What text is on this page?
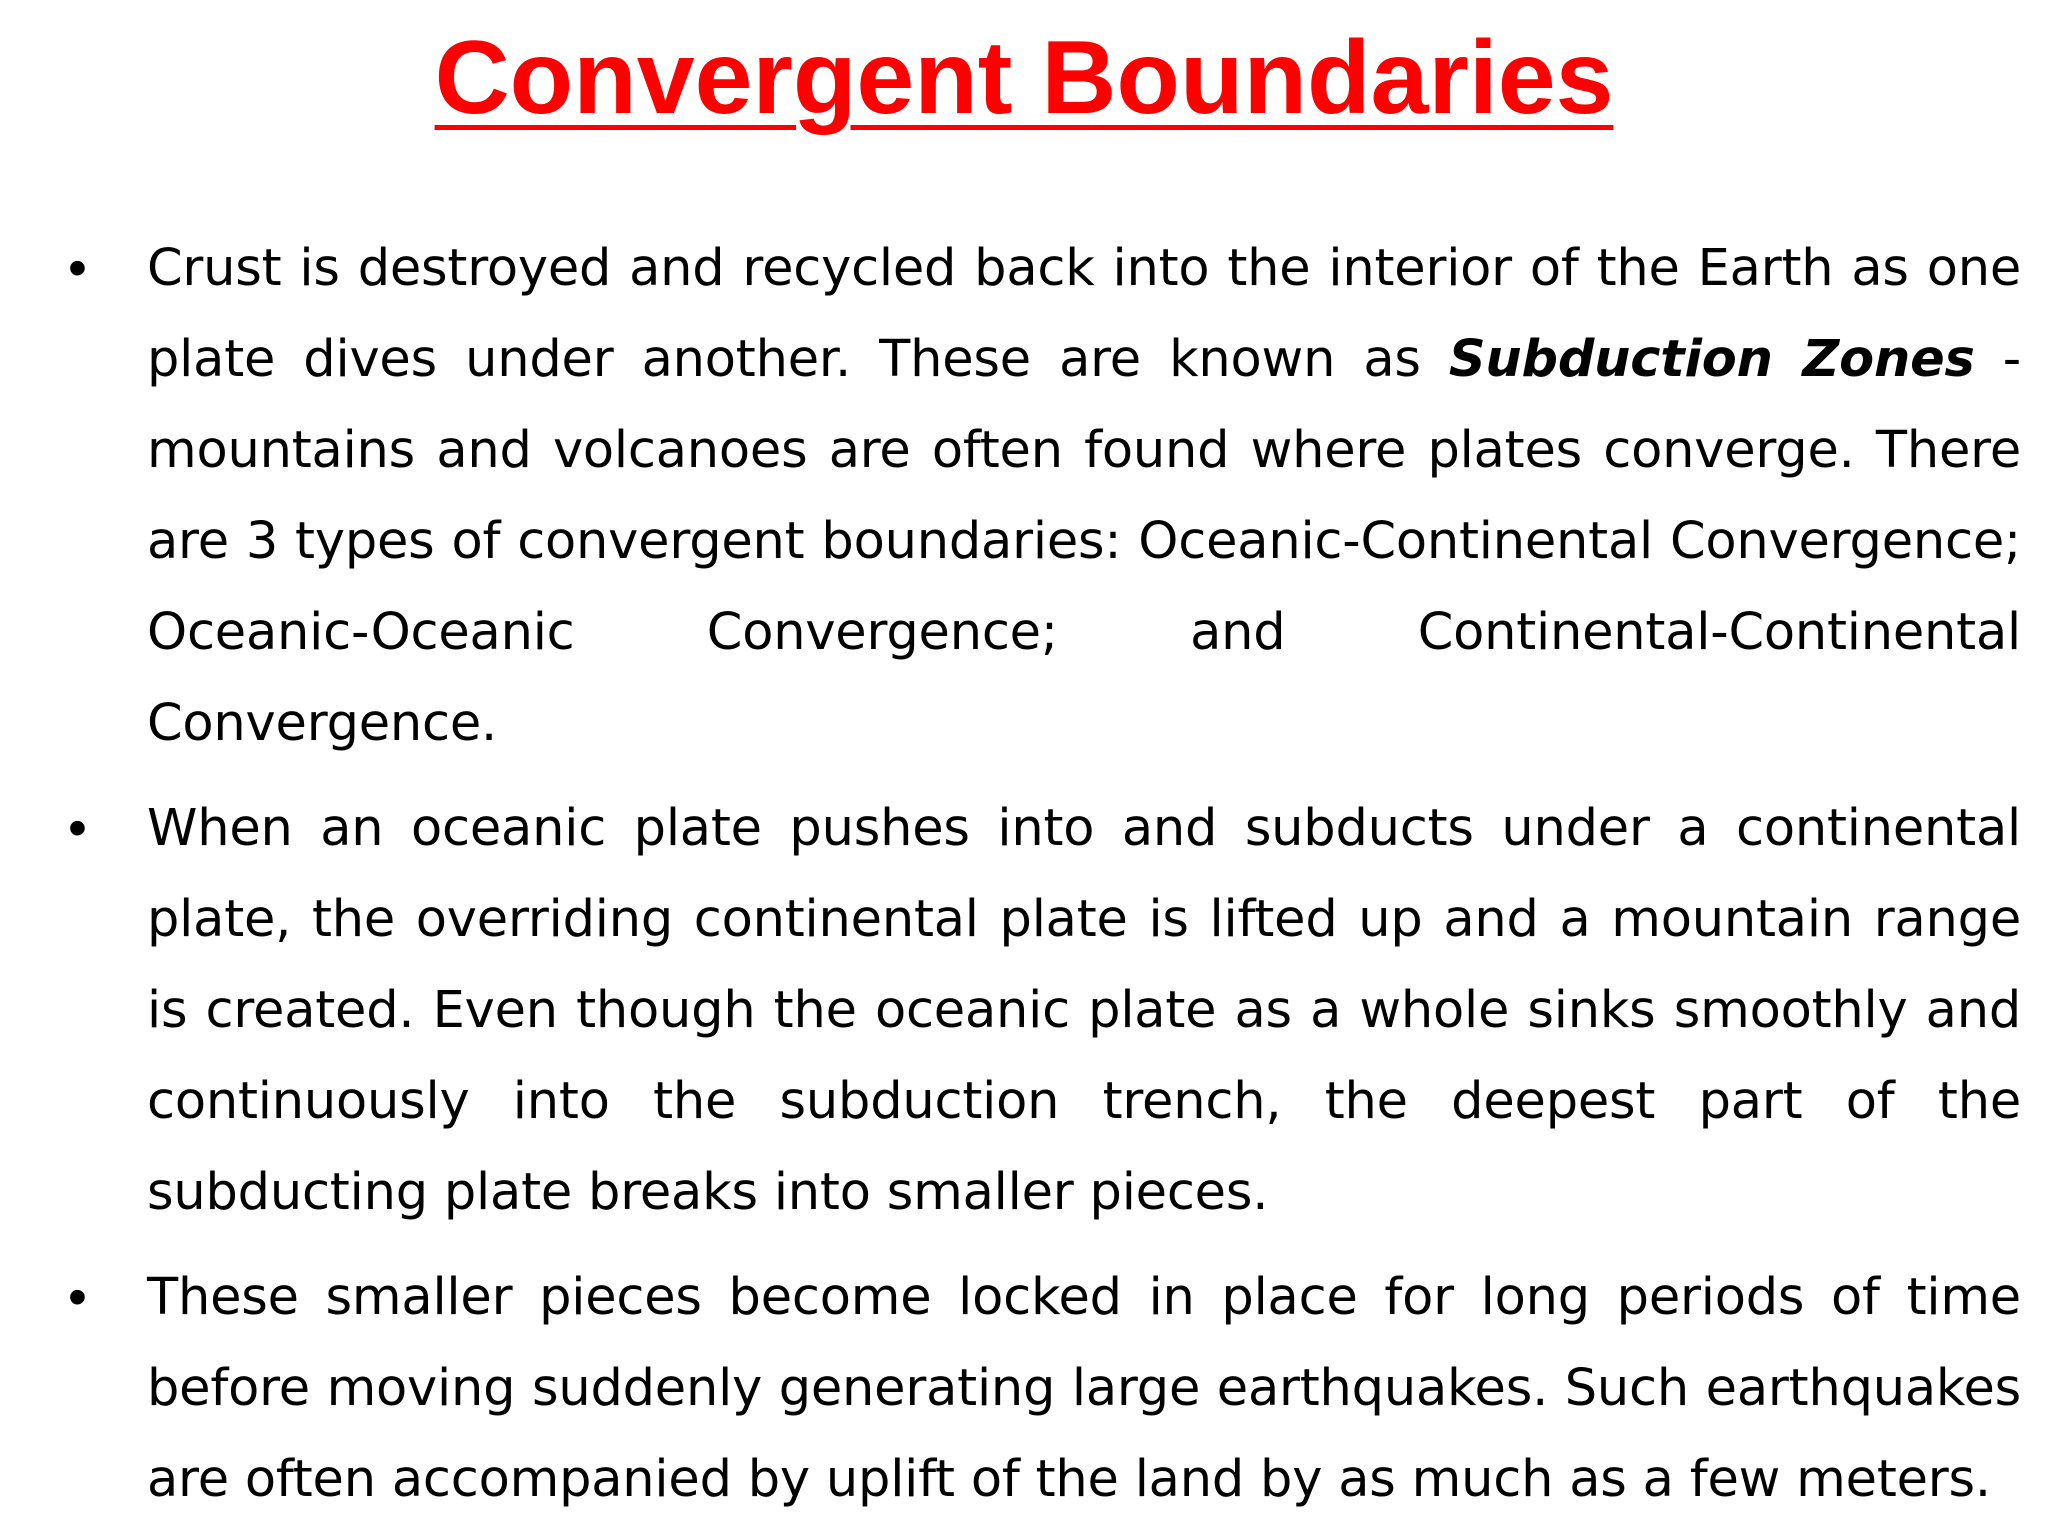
Convergent Boundaries
• Crust is destroyed and recycled back into the interior of the Earth as one plate dives under another. These are known as Subduction Zones - mountains and volcanoes are often found where plates converge. There are 3 types of convergent boundaries: Oceanic-Continental Convergence; Oceanic-Oceanic Convergence; and Continental-Continental Convergence.
• When an oceanic plate pushes into and subducts under a continental plate, the overriding continental plate is lifted up and a mountain range is created. Even though the oceanic plate as a whole sinks smoothly and continuously into the subduction trench, the deepest part of the subducting plate breaks into smaller pieces.
• These smaller pieces become locked in place for long periods of time before moving suddenly generating large earthquakes. Such earthquakes are often accompanied by uplift of the land by as much as a few meters.
